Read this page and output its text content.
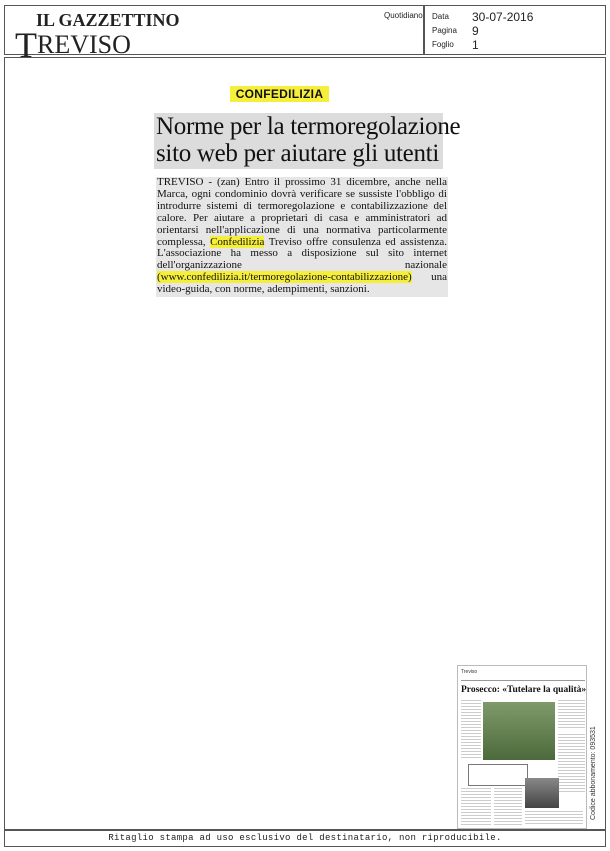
IL GAZZETTINO
TREVISO
Quotidiano Data	30-07-2016
Pagina	9
Foglio	1
CONFEDILIZIA
Norme per la termoregolazione
sito web per aiutare gli utenti
TREVISO - (zan) Entro il prossimo 31 dicembre, anche nella Marca, ogni condominio dovrà verificare se sussiste l'obbligo di introdurre sistemi di termoregolazione e contabilizzazione del calore. Per aiutare a proprietari di casa e amministratori ad orientarsi nell'applicazione di una normativa particolarmente complessa, Confedilizia Treviso offre consulenza ed assistenza. L'associazione ha messo a disposizione sul sito internet dell'organizzazione nazionale (www.confedilizia.it/termoregolazione-contabilizzazione) una video-guida, con norme, adempimenti, sanzioni.
Treviso
Prosecco: «Tutelare la qualità»
Codice abbonamento: 093531
Ritaglio stampa ad uso esclusivo del destinatario, non riproducibile.
